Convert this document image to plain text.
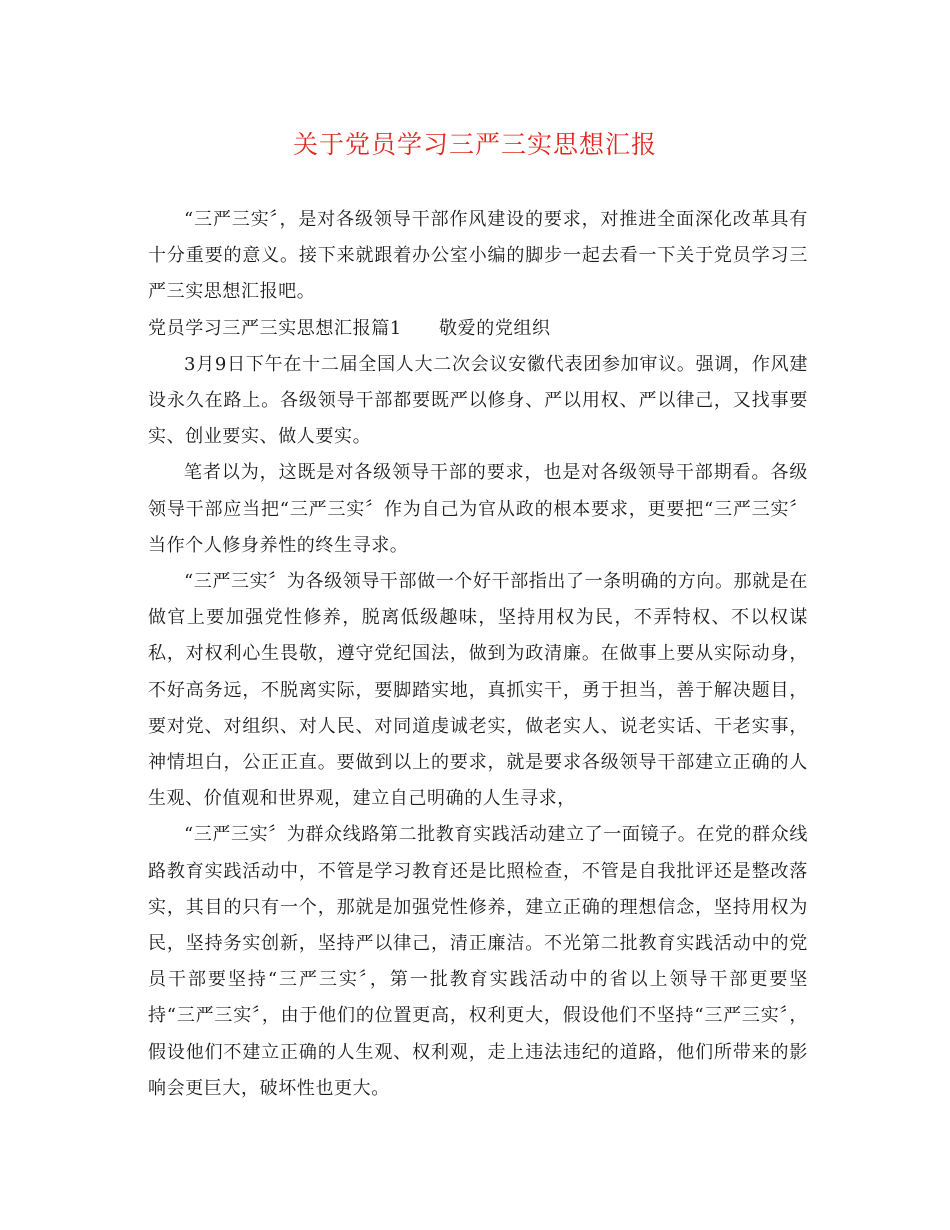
关于党员学习三严三实思想汇报

“三严三实〞，是对各级领导干部作风建设的要求，对推进全面深化改革具有十分重要的意义。接下来就跟着办公室小编的脚步一起去看一下关于党员学习三严三实思想汇报吧。

党员学习三严三实思想汇报篇1　　敬爱的党组织

3月9日下午在十二届全国人大二次会议安徽代表团参加审议。强调，作风建设永久在路上。各级领导干部都要既严以修身、严以用权、严以律己，又找事要实、创业要实、做人要实。

笔者以为，这既是对各级领导干部的要求，也是对各级领导干部期看。各级领导干部应当把“三严三实〞作为自己为官从政的根本要求，更要把“三严三实〞当作个人修身养性的终生寻求。

“三严三实〞为各级领导干部做一个好干部指出了一条明确的方向。那就是在做官上要加强党性修养，脱离低级趣味，坚持用权为民，不弄特权、不以权谋私，对权利心生畏敬，遵守党纪国法，做到为政清廉。在做事上要从实际动身，不好高务远，不脱离实际，要脚踏实地，真抓实干，勇于担当，善于解决题目，要对党、对组织、对人民、对同道虔诚老实，做老实人、说老实话、干老实事，神情坦白，公正正直。要做到以上的要求，就是要求各级领导干部建立正确的人生观、价值观和世界观，建立自己明确的人生寻求，

“三严三实〞为群众线路第二批教育实践活动建立了一面镜子。在党的群众线路教育实践活动中，不管是学习教育还是比照检查，不管是自我批评还是整改落实，其目的只有一个，那就是加强党性修养，建立正确的理想信念，坚持用权为民，坚持务实创新，坚持严以律己，清正廉洁。不光第二批教育实践活动中的党员干部要坚持“三严三实〞，第一批教育实践活动中的省以上领导干部更要坚持“三严三实〞，由于他们的位置更高，权利更大，假设他们不坚持“三严三实〞，假设他们不建立正确的人生观、权利观，走上违法违纪的道路，他们所带来的影响会更巨大，破坏性也更大。
